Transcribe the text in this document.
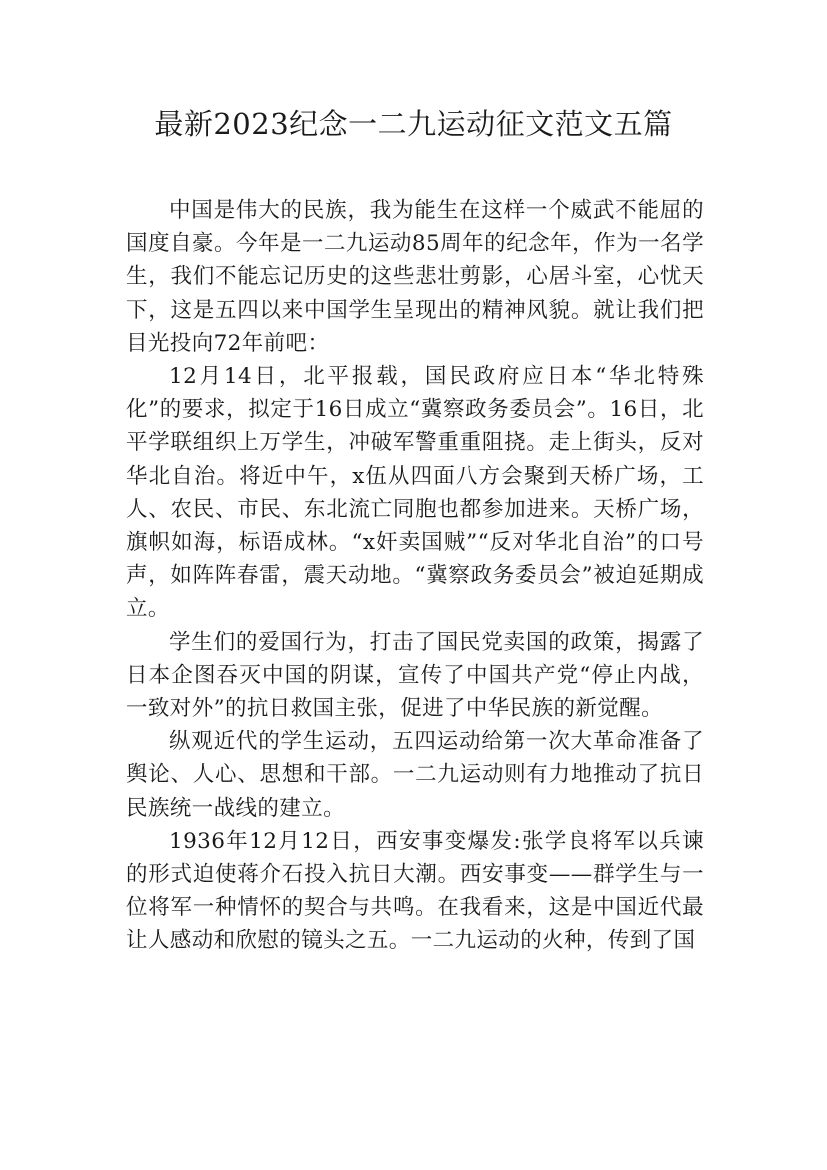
最新2023纪念一二九运动征文范文五篇

中国是伟大的民族，我为能生在这样一个威武不能屈的国度自豪。今年是一二九运动85周年的纪念年，作为一名学生，我们不能忘记历史的这些悲壮剪影，心居斗室，心忧天下，这是五四以来中国学生呈现出的精神风貌。就让我们把目光投向72年前吧：

12月14日，北平报载，国民政府应日本“华北特殊化”的要求，拟定于16日成立“冀察政务委员会”。16日，北平学联组织上万学生，冲破军警重重阻挠。走上街头，反对华北自治。将近中午，x伍从四面八方会聚到天桥广场，工人、农民、市民、东北流亡同胞也都参加进来。天桥广场，旗帜如海，标语成林。“x奸卖国贼”“反对华北自治”的口号声，如阵阵春雷，震天动地。“冀察政务委员会”被迫延期成立。

学生们的爱国行为，打击了国民党卖国的政策，揭露了日本企图吞灭中国的阴谋，宣传了中国共产党“停止内战，一致对外”的抗日救国主张，促进了中华民族的新觉醒。

纵观近代的学生运动，五四运动给第一次大革命准备了舆论、人心、思想和干部。一二九运动则有力地推动了抗日民族统一战线的建立。

1936年12月12日，西安事变爆发:张学良将军以兵谏的形式迫使蒋介石投入抗日大潮。西安事变——群学生与一位将军一种情怀的契合与共鸣。在我看来，这是中国近代最让人感动和欣慰的镜头之五。一二九运动的火种，传到了国
